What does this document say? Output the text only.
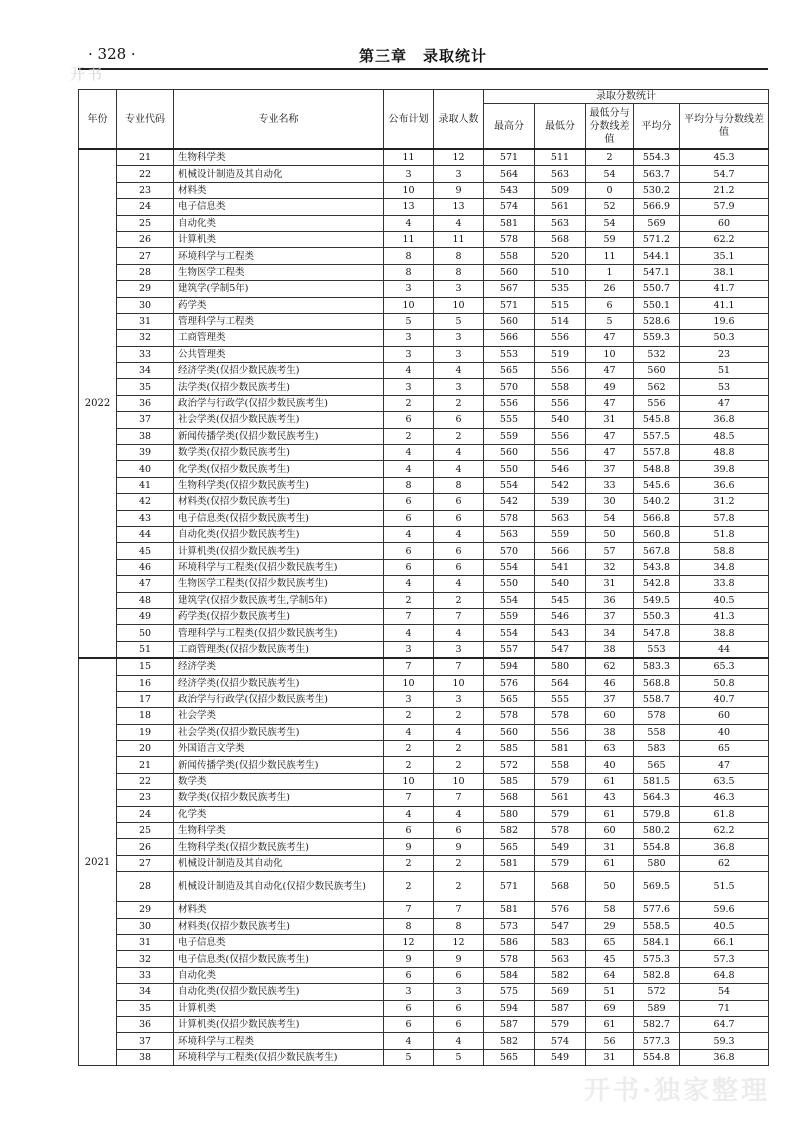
· 328 ·	第三章　录取统计
开书
年份	专业代码	专业名称	公布计划	录取人数	录取分数统计				
					最高分	最低分	最低分与分数线差值	平均分	平均分与分数线差值
2022	21	生物科学类	11	12	571	511	2	554.3	45.3
	22	机械设计制造及其自动化	3	3	564	563	54	563.7	54.7
	23	材料类	10	9	543	509	0	530.2	21.2
	24	电子信息类	13	13	574	561	52	566.9	57.9
	25	自动化类	4	4	581	563	54	569	60
	26	计算机类	11	11	578	568	59	571.2	62.2
	27	环境科学与工程类	8	8	558	520	11	544.1	35.1
	28	生物医学工程类	8	8	560	510	1	547.1	38.1
	29	建筑学(学制5年)	3	3	567	535	26	550.7	41.7
	30	药学类	10	10	571	515	6	550.1	41.1
	31	管理科学与工程类	5	5	560	514	5	528.6	19.6
	32	工商管理类	3	3	566	556	47	559.3	50.3
	33	公共管理类	3	3	553	519	10	532	23
	34	经济学类(仅招少数民族考生)	4	4	565	556	47	560	51
	35	法学类(仅招少数民族考生)	3	3	570	558	49	562	53
	36	政治学与行政学(仅招少数民族考生)	2	2	556	556	47	556	47
	37	社会学类(仅招少数民族考生)	6	6	555	540	31	545.8	36.8
	38	新闻传播学类(仅招少数民族考生)	2	2	559	556	47	557.5	48.5
	39	数学类(仅招少数民族考生)	4	4	560	556	47	557.8	48.8
	40	化学类(仅招少数民族考生)	4	4	550	546	37	548.8	39.8
	41	生物科学类(仅招少数民族考生)	8	8	554	542	33	545.6	36.6
	42	材料类(仅招少数民族考生)	6	6	542	539	30	540.2	31.2
	43	电子信息类(仅招少数民族考生)	6	6	578	563	54	566.8	57.8
	44	自动化类(仅招少数民族考生)	4	4	563	559	50	560.8	51.8
	45	计算机类(仅招少数民族考生)	6	6	570	566	57	567.8	58.8
	46	环境科学与工程类(仅招少数民族考生)	6	6	554	541	32	543.8	34.8
	47	生物医学工程类(仅招少数民族考生)	4	4	550	540	31	542.8	33.8
	48	建筑学(仅招少数民族考生,学制5年)	2	2	554	545	36	549.5	40.5
	49	药学类(仅招少数民族考生)	7	7	559	546	37	550.3	41.3
	50	管理科学与工程类(仅招少数民族考生)	4	4	554	543	34	547.8	38.8
	51	工商管理类(仅招少数民族考生)	3	3	557	547	38	553	44
2021	15	经济学类	7	7	594	580	62	583.3	65.3
	16	经济学类(仅招少数民族考生)	10	10	576	564	46	568.8	50.8
	17	政治学与行政学(仅招少数民族考生)	3	3	565	555	37	558.7	40.7
	18	社会学类	2	2	578	578	60	578	60
	19	社会学类(仅招少数民族考生)	4	4	560	556	38	558	40
	20	外国语言文学类	2	2	585	581	63	583	65
	21	新闻传播学类(仅招少数民族考生)	2	2	572	558	40	565	47
	22	数学类	10	10	585	579	61	581.5	63.5
	23	数学类(仅招少数民族考生)	7	7	568	561	43	564.3	46.3
	24	化学类	4	4	580	579	61	579.8	61.8
	25	生物科学类	6	6	582	578	60	580.2	62.2
	26	生物科学类(仅招少数民族考生)	9	9	565	549	31	554.8	36.8
	27	机械设计制造及其自动化	2	2	581	579	61	580	62
	28	机械设计制造及其自动化(仅招少数民族考生)	2	2	571	568	50	569.5	51.5
	29	材料类	7	7	581	576	58	577.6	59.6
	30	材料类(仅招少数民族考生)	8	8	573	547	29	558.5	40.5
	31	电子信息类	12	12	586	583	65	584.1	66.1
	32	电子信息类(仅招少数民族考生)	9	9	578	563	45	575.3	57.3
	33	自动化类	6	6	584	582	64	582.8	64.8
	34	自动化类(仅招少数民族考生)	3	3	575	569	51	572	54
	35	计算机类	6	6	594	587	69	589	71
	36	计算机类(仅招少数民族考生)	6	6	587	579	61	582.7	64.7
	37	环境科学与工程类	4	4	582	574	56	577.3	59.3
	38	环境科学与工程类(仅招少数民族考生)	5	5	565	549	31	554.8	36.8
开书·独家整理
